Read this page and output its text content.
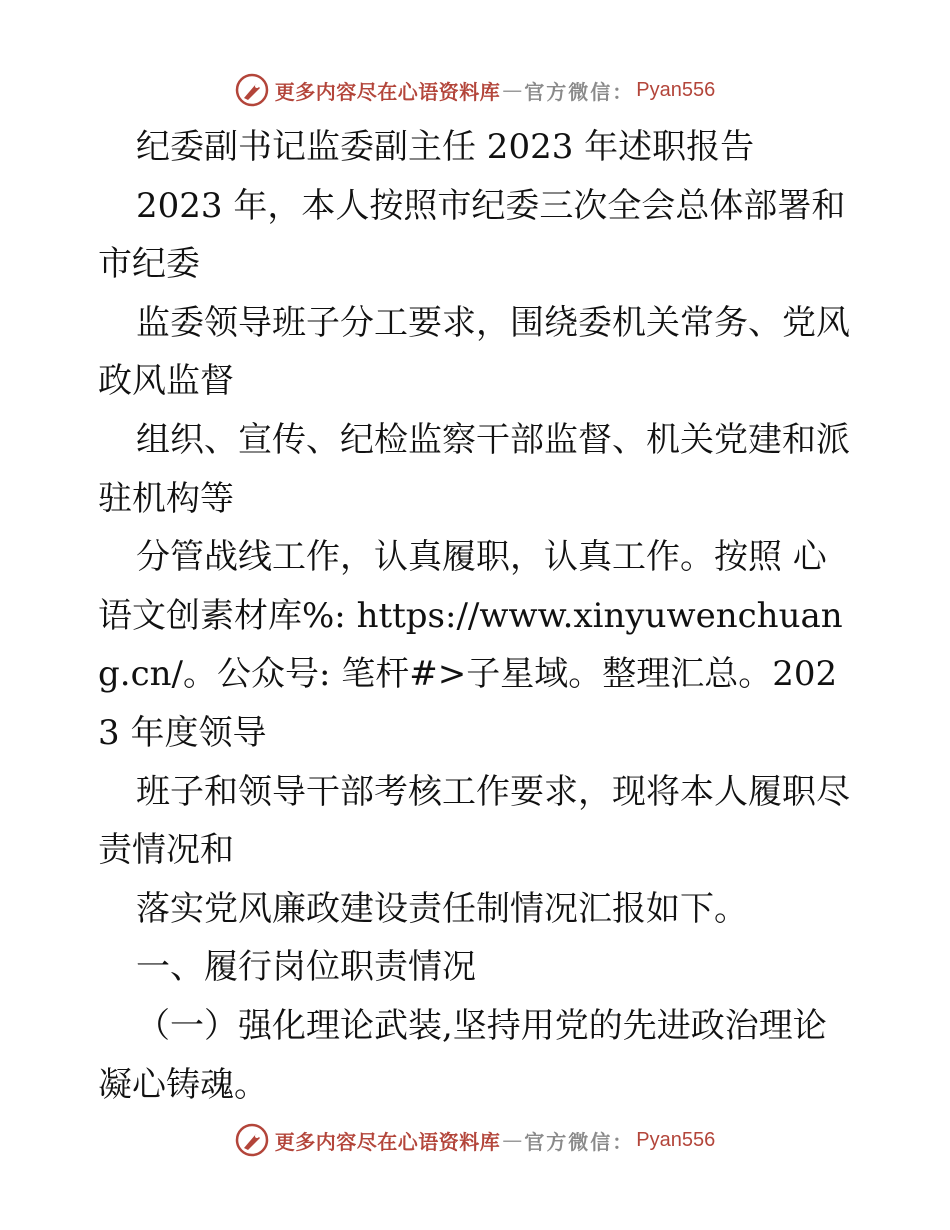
更多内容尽在心语资料库 — 官方微信： Pyan556

纪委副书记监委副主任 2023 年述职报告

2023 年，本人按照市纪委三次全会总体部署和市纪委

监委领导班子分工要求，围绕委机关常务、党风政风监督

组织、宣传、纪检监察干部监督、机关党建和派驻机构等

分管战线工作，认真履职，认真工作。按照 心语文创素材库%: https://www.xinyuwenchuang.cn/。公众号: 笔杆#>子星域。整理汇总。2023 年度领导

班子和领导干部考核工作要求，现将本人履职尽责情况和

落实党风廉政建设责任制情况汇报如下。

一、履行岗位职责情况

（一）强化理论武装,坚持用党的先进政治理论凝心铸魂。

更多内容尽在心语资料库 — 官方微信： Pyan556
